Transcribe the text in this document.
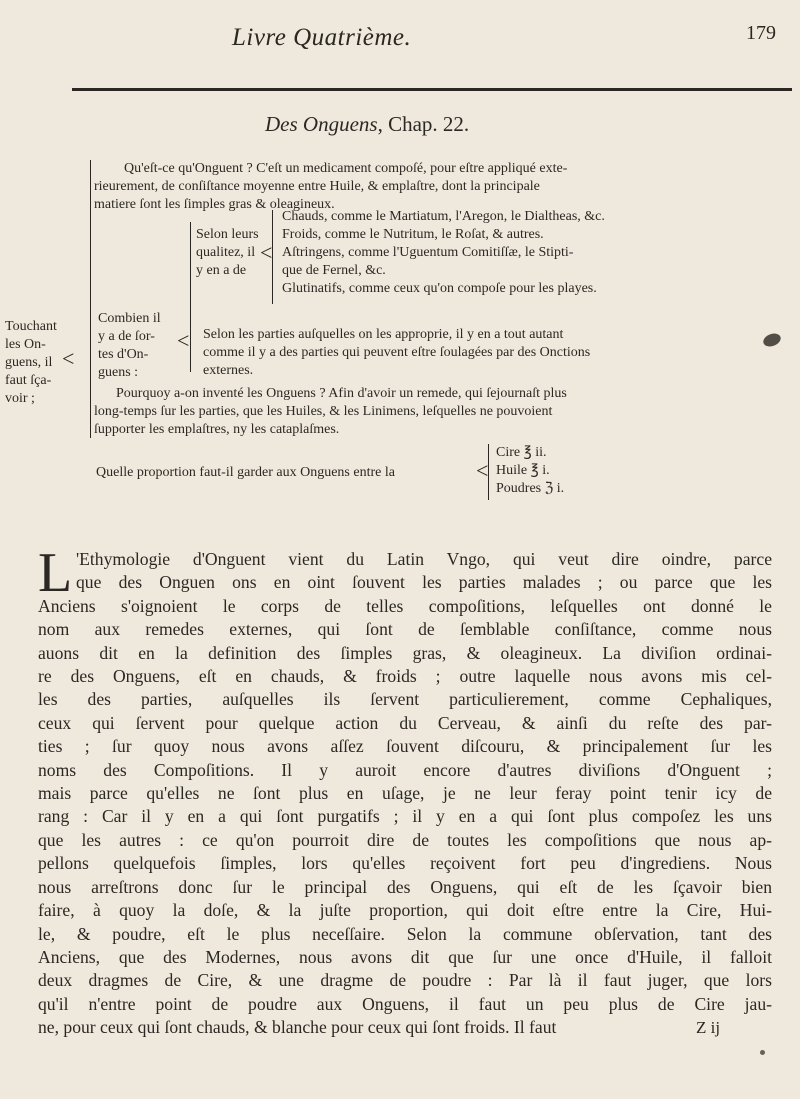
Livre Quatrième.	179
Des Onguens, Chap. 22.
Touchant
les On-
guens, il
faut ſça-
voir ;
<
Qu'eſt-ce qu'Onguent ? C'eſt un medicament compoſé, pour eſtre appliqué exte-
rieurement, de conſiſtance moyenne entre Huile, & emplaſtre, dont la principale
matiere ſont les ſimples gras & oleagineux.
Combien il
y a de ſor-
tes d'On-
guens :
<
Selon leurs
qualitez, il
y en a de
<
Chauds, comme le Martiatum, l'Aregon, le Dialtheas, &c.
Froids, comme le Nutritum, le Roſat, & autres.
Aſtringens, comme l'Uguentum Comitiſſæ, le Stipti-
que de Fernel, &c.
Glutinatifs, comme ceux qu'on compoſe pour les playes.
Selon les parties auſquelles on les approprie, il y en a tout autant
comme il y a des parties qui peuvent eſtre ſoulagées par des Onctions
externes.
Pourquoy a-on inventé les Onguens ? Afin d'avoir un remede, qui ſejournaſt plus
long-temps ſur les parties, que les Huiles, & les Linimens, leſquelles ne pouvoient
ſupporter les emplaſtres, ny les cataplaſmes.
Quelle proportion faut-il garder aux Onguens entre la	<
Cire ℥ ii.
Huile ℥ i.
Poudres ℨ i.
L 'Ethymologie d'Onguent vient du Latin Vngo, qui veut dire oindre, parce
que des Onguen ons en oint ſouvent les parties malades ; ou parce que les
Anciens s'oignoient le corps de telles compoſitions, leſquelles ont donné le
nom aux remedes externes, qui ſont de ſemblable conſiſtance, comme nous
auons dit en la definition des ſimples gras, & oleagineux. La diviſion ordinai-
re des Onguens, eſt en chauds, & froids ; outre laquelle nous avons mis cel-
les des parties, auſquelles ils ſervent particulierement, comme Cephaliques,
ceux qui ſervent pour quelque action du Cerveau, & ainſi du reſte des par-
ties ; ſur quoy nous avons aſſez ſouvent diſcouru, & principalement ſur les
noms des Compoſitions. Il y auroit encore d'autres diviſions d'Onguent ;
mais parce qu'elles ne ſont plus en uſage, je ne leur feray point tenir icy de
rang : Car il y en a qui ſont purgatifs ; il y en a qui ſont plus compoſez les uns
que les autres : ce qu'on pourroit dire de toutes les compoſitions que nous ap-
pellons quelquefois ſimples, lors qu'elles reçoivent fort peu d'ingrediens. Nous
nous arreſtrons donc ſur le principal des Onguens, qui eſt de les ſçavoir bien
faire, à quoy la doſe, & la juſte proportion, qui doit eſtre entre la Cire, Hui-
le, & poudre, eſt le plus neceſſaire. Selon la commune obſervation, tant des
Anciens, que des Modernes, nous avons dit que ſur une once d'Huile, il falloit
deux dragmes de Cire, & une dragme de poudre : Par là il faut juger, que lors
qu'il n'entre point de poudre aux Onguens, il faut un peu plus de Cire jau-
ne, pour ceux qui ſont chauds, & blanche pour ceux qui ſont froids. Il faut	Z ij
